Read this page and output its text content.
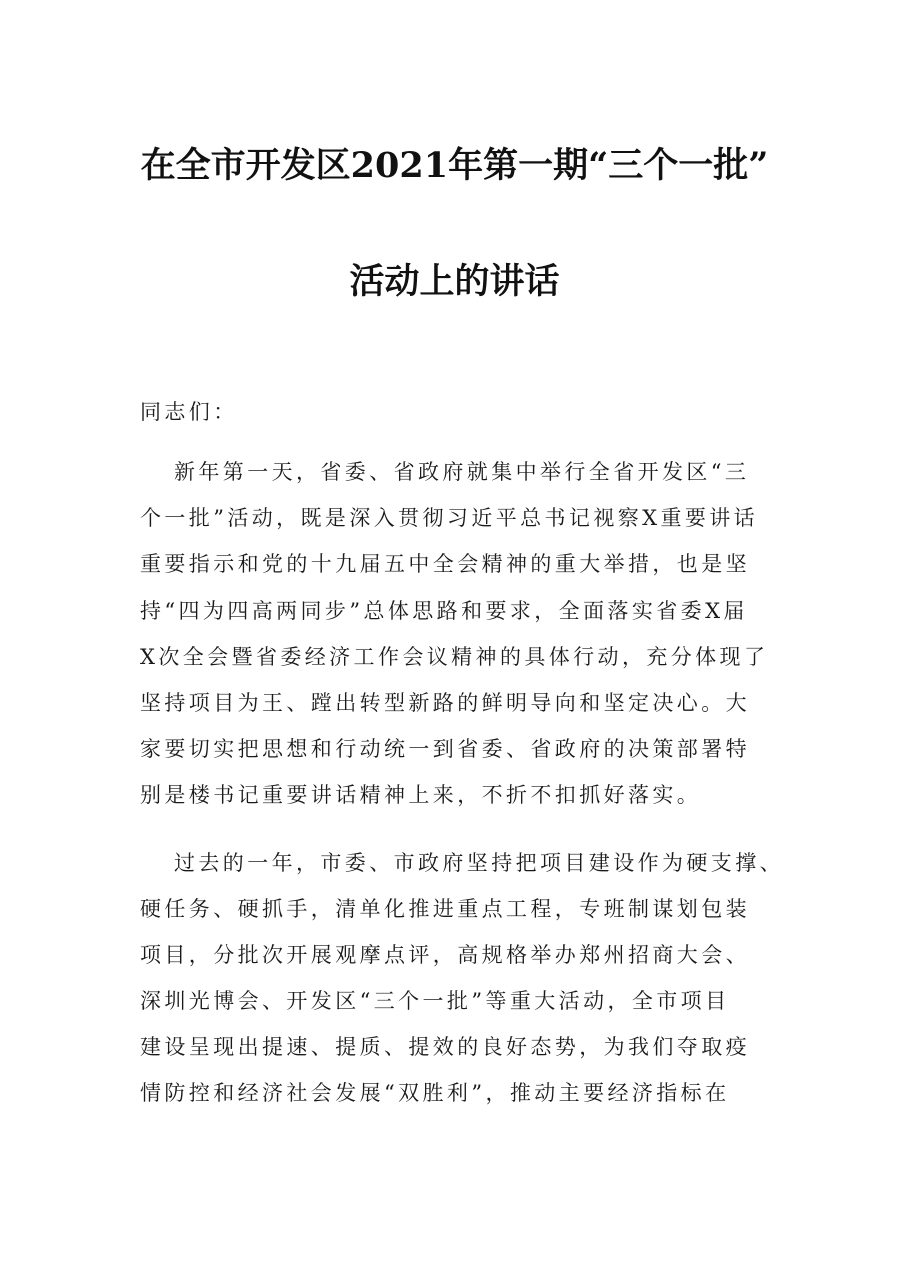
在全市开发区2021年第一期“三个一批”
活动上的讲话
同志们：
新年第一天，省委、省政府就集中举行全省开发区“三
个一批”活动，既是深入贯彻习近平总书记视察X重要讲话
重要指示和党的十九届五中全会精神的重大举措，也是坚
持“四为四高两同步”总体思路和要求，全面落实省委X届
X次全会暨省委经济工作会议精神的具体行动，充分体现了
坚持项目为王、蹚出转型新路的鲜明导向和坚定决心。大
家要切实把思想和行动统一到省委、省政府的决策部署特
别是楼书记重要讲话精神上来，不折不扣抓好落实。
过去的一年，市委、市政府坚持把项目建设作为硬支撑、
硬任务、硬抓手，清单化推进重点工程，专班制谋划包装
项目，分批次开展观摩点评，高规格举办郑州招商大会、
深圳光博会、开发区“三个一批”等重大活动，全市项目
建设呈现出提速、提质、提效的良好态势，为我们夺取疫
情防控和经济社会发展“双胜利”，推动主要经济指标在
